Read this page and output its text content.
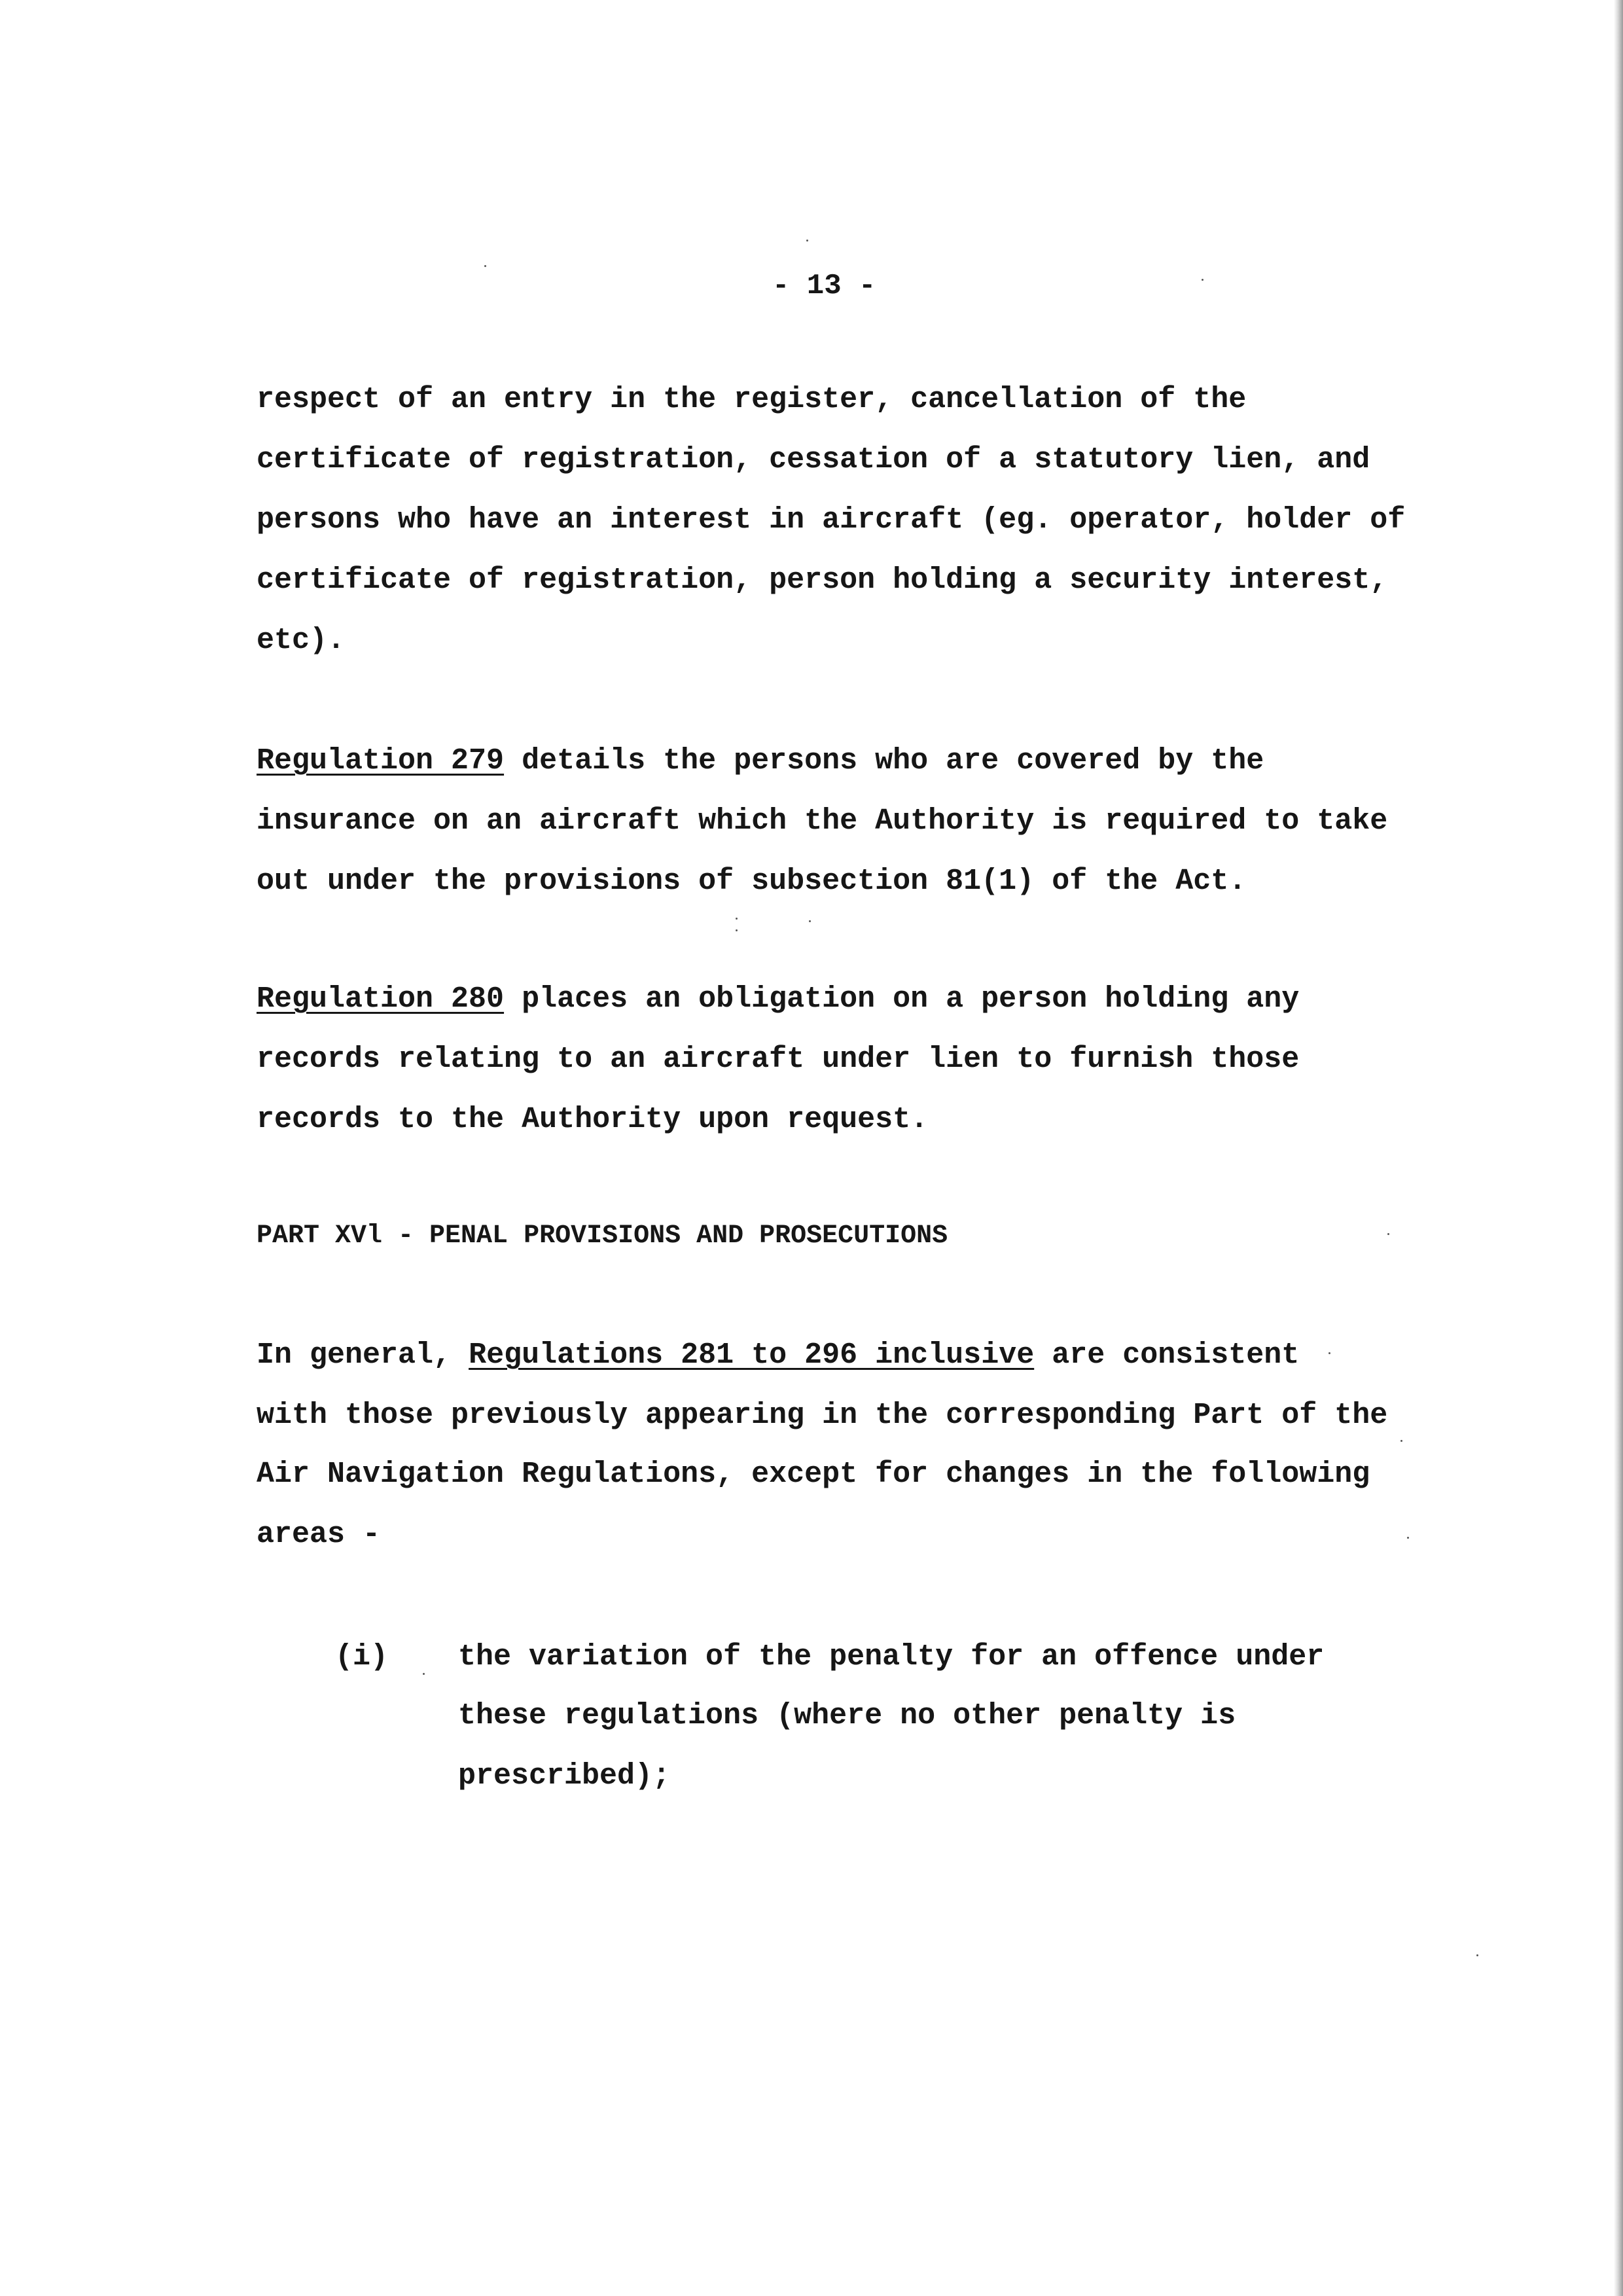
- 13 -
respect of an entry in the register, cancellation of the
certificate of registration, cessation of a statutory lien, and
persons who have an interest in aircraft (eg. operator, holder of
certificate of registration, person holding a security interest,
etc).
Regulation 279 details the persons who are covered by the
insurance on an aircraft which the Authority is required to take
out under the provisions of subsection 81(1) of the Act.
Regulation 280 places an obligation on a person holding any
records relating to an aircraft under lien to furnish those
records to the Authority upon request.
PART XVl - PENAL PROVISIONS AND PROSECUTIONS
In general, Regulations 281 to 296 inclusive are consistent
with those previously appearing in the corresponding Part of the
Air Navigation Regulations, except for changes in the following
areas -
(i) the variation of the penalty for an offence under
these regulations (where no other penalty is
prescribed);
